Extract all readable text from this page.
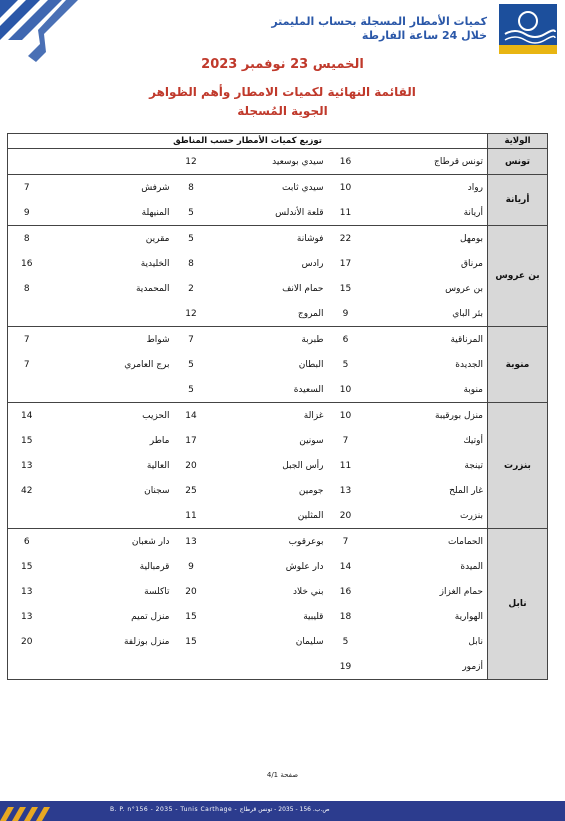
كميات الأمطار المسجلة بحساب المليمتر
خلال 24 ساعة الفارطة
الخميس 23 نوفمبر 2023
القائمة النهائية لكميات الامطار وأهم الظواهر
الجوية المُسجلة
توزيع كميات الأمطار حسب المناطق						الولاية
		12	سيدي بوسعيد	16	تونس قرطاج	تونس
7	شرفش	8	سيدي ثابت	10	رواد	أريانة
9	المنيهلة	5	قلعة الأندلس	11	أريانة	
8	مقرين	5	فوشانة	22	بومهل	بن عروس
16	الخليدية	8	رادس	17	مرناق	
8	المحمدية	2	حمام الانف	15	بن عروس	
		12	المروج	9	بئر الباي	
7	شواط	7	طبربة	6	المرناقية	منوبة
7	برج العامري	5	البطان	5	الجديدة	
		5	السعيدة	10	منوبة	
14	الحزيب	14	غزالة	10	منزل بورقيبة	بنزرت
15	ماطر	17	سونين	7	أوتيك	
13	العالية	20	رأس الجبل	11	تينجة	
42	سجنان	25	جومين	13	غار الملح	
		11	المثلين	20	بنزرت	
6	دار شعبان	13	بوعرقوب	7	الحمامات	نابل
15	قرمبالية	9	دار علوش	14	الميدة	
13	تاكلسة	20	بني خلاد	16	حمام الغزاز	
13	منزل تميم	15	قليبية	18	الهوارية	
20	منزل بوزلفة	15	سليمان	5	نابل	
				19	أزمور	
صفحة 4/1
B. P. n°156 - 2035 - Tunis Carthage - ص.ب. 156 - 2035 - تونس قرطاج
